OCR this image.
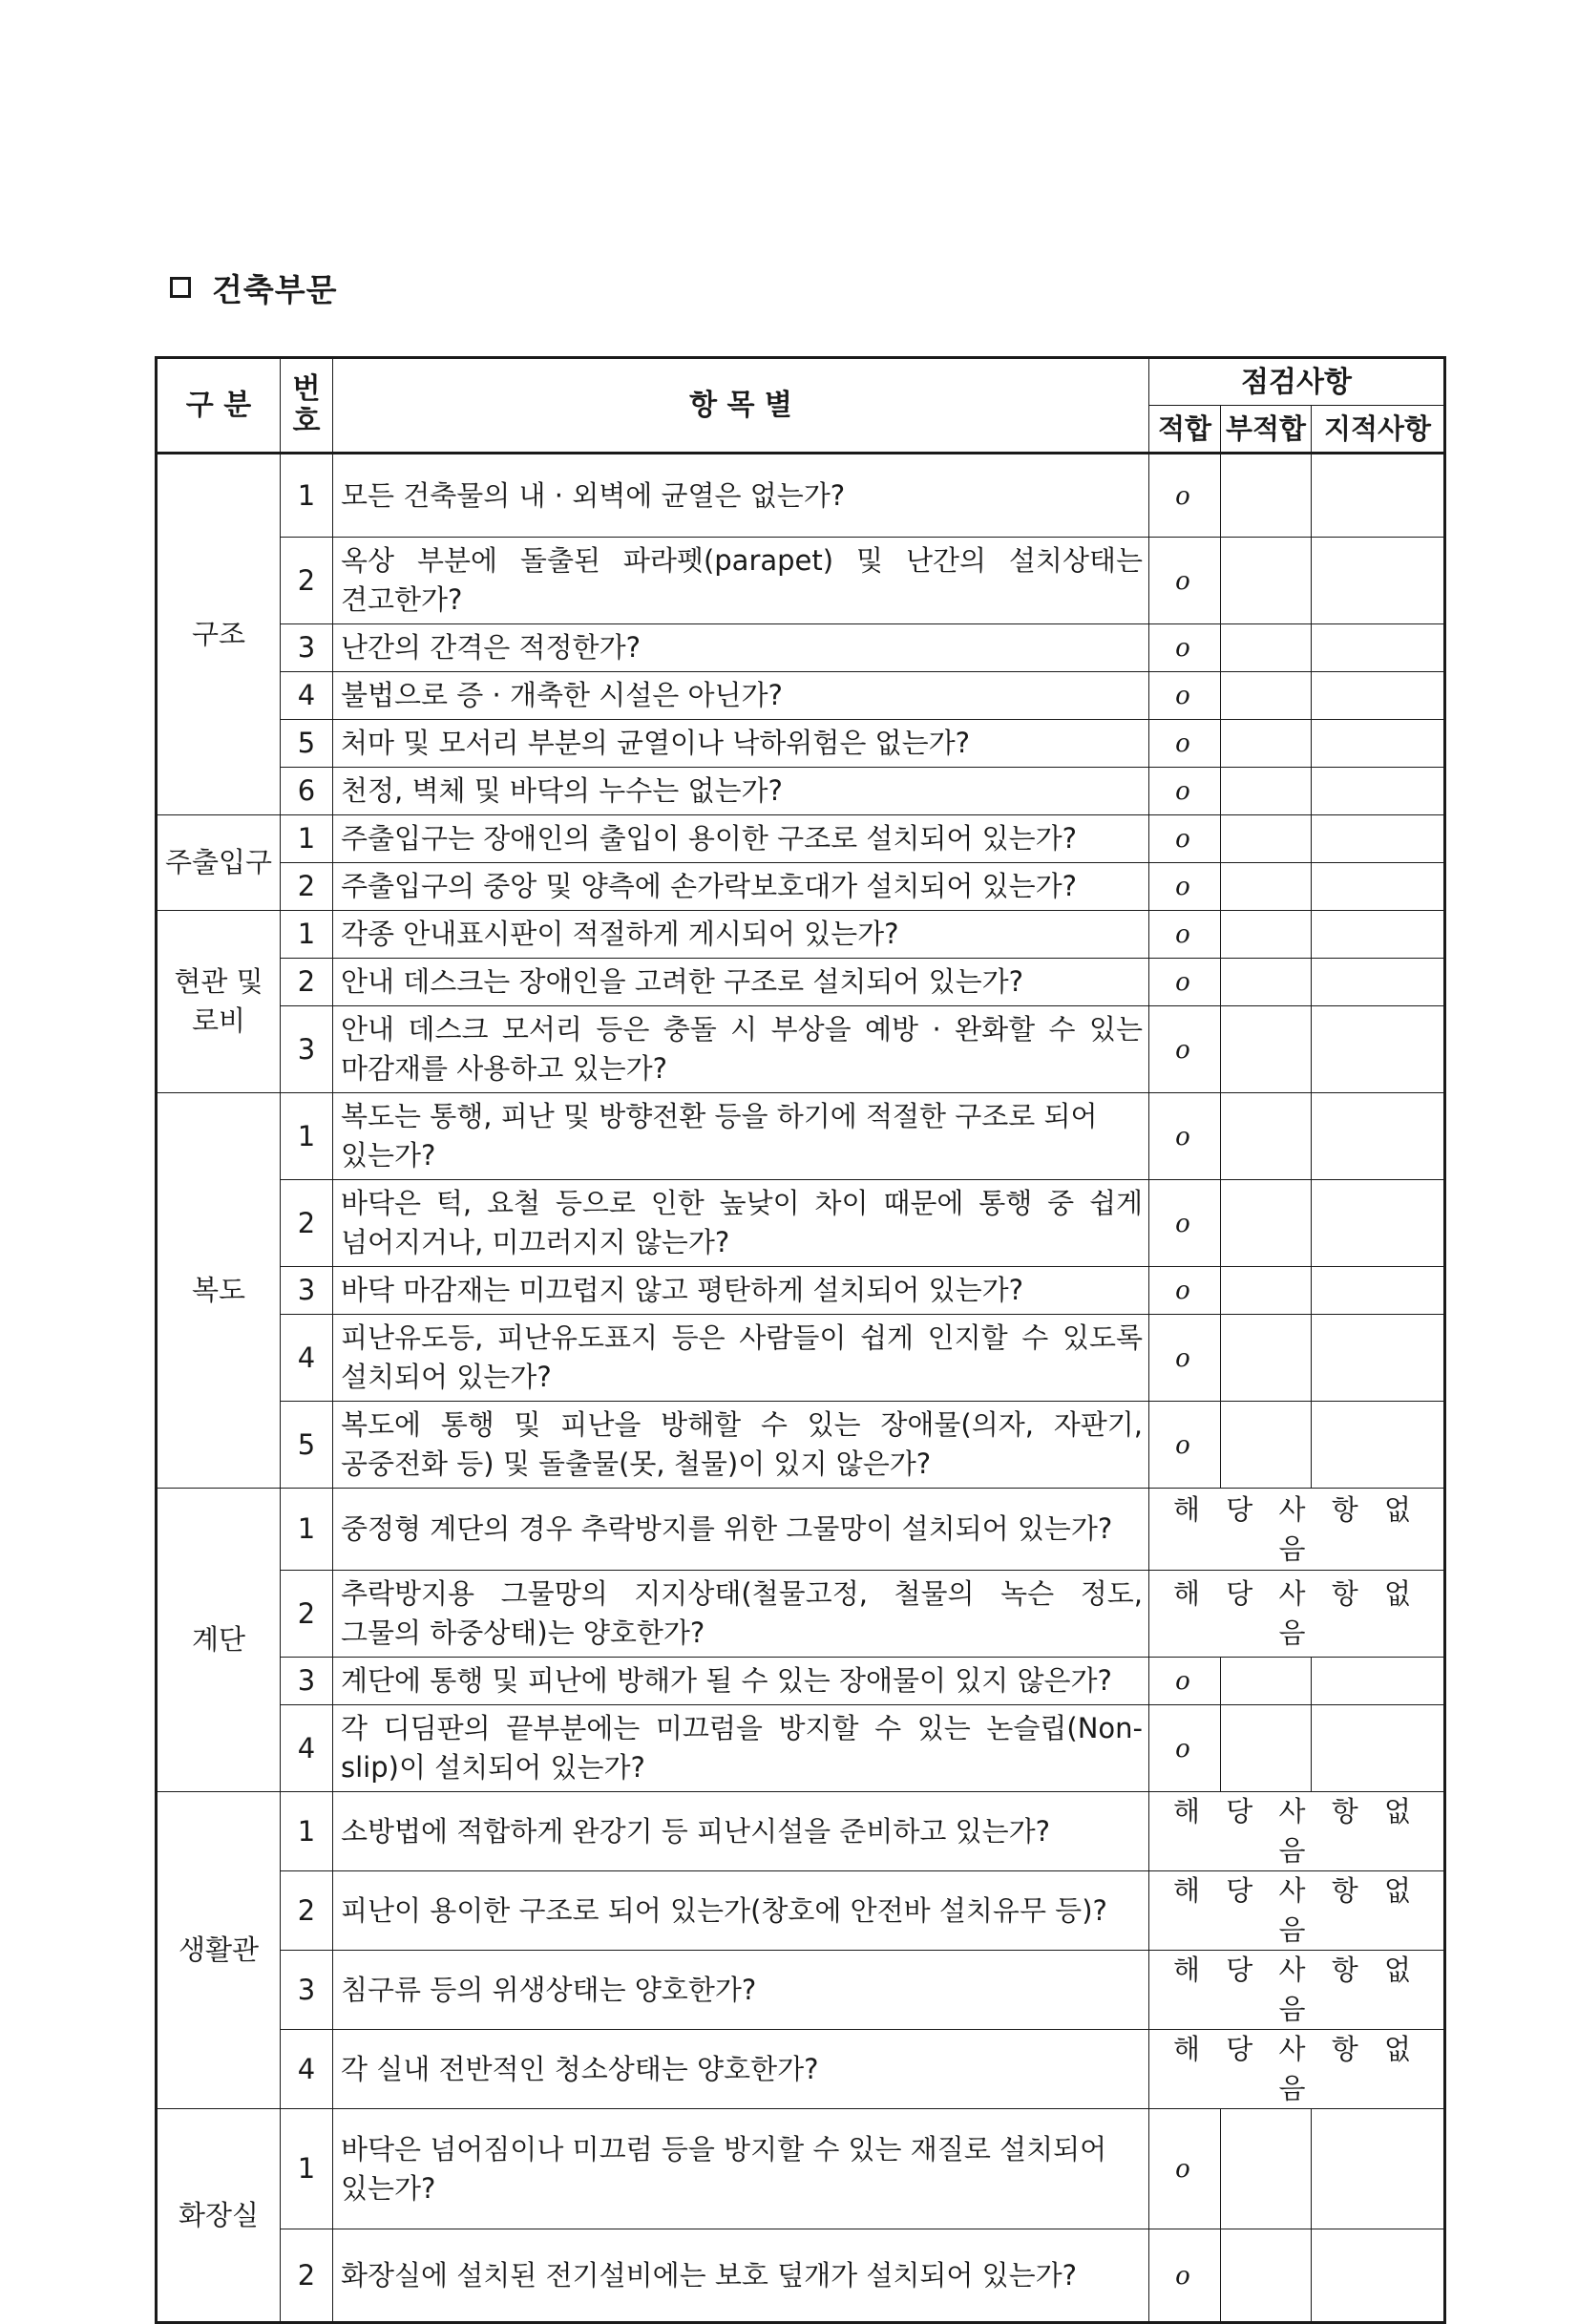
건축부문
구 분	번호	항 목 별	점검사항		
			적합	부적합	지적사항
구조	1	모든 건축물의 내 · 외벽에 균열은 없는가?	o		
	2	옥상 부분에 돌출된 파라펫(parapet) 및 난간의 설치상태는 견고한가?	o		
	3	난간의 간격은 적정한가?	o		
	4	불법으로 증 · 개축한 시설은 아닌가?	o		
	5	처마 및 모서리 부분의 균열이나 낙하위험은 없는가?	o		
	6	천정, 벽체 및 바닥의 누수는 없는가?	o		
주출입구	1	주출입구는 장애인의 출입이 용이한 구조로 설치되어 있는가?	o		
	2	주출입구의 중앙 및 양측에 손가락보호대가 설치되어 있는가?	o		
현관 및 로비	1	각종 안내표시판이 적절하게 게시되어 있는가?	o		
	2	안내 데스크는 장애인을 고려한 구조로 설치되어 있는가?	o		
	3	안내 데스크 모서리 등은 충돌 시 부상을 예방 · 완화할 수 있는 마감재를 사용하고 있는가?	o		
복도	1	복도는 통행, 피난 및 방향전환 등을 하기에 적절한 구조로 되어 있는가?	o		
	2	바닥은 턱, 요철 등으로 인한 높낮이 차이 때문에 통행 중 쉽게 넘어지거나, 미끄러지지 않는가?	o		
	3	바닥 마감재는 미끄럽지 않고 평탄하게 설치되어 있는가?	o		
	4	피난유도등, 피난유도표지 등은 사람들이 쉽게 인지할 수 있도록 설치되어 있는가?	o		
	5	복도에 통행 및 피난을 방해할 수 있는 장애물(의자, 자판기, 공중전화 등) 및 돌출물(못, 철물)이 있지 않은가?	o		
계단	1	중정형 계단의 경우 추락방지를 위한 그물망이 설치되어 있는가?	해 당 사 항 없 음		
	2	추락방지용 그물망의 지지상태(철물고정, 철물의 녹슨 정도, 그물의 하중상태)는 양호한가?	해 당 사 항 없 음		
	3	계단에 통행 및 피난에 방해가 될 수 있는 장애물이 있지 않은가?	o		
	4	각 디딤판의 끝부분에는 미끄럼을 방지할 수 있는 논슬립(Non-slip)이 설치되어 있는가?	o		
생활관	1	소방법에 적합하게 완강기 등 피난시설을 준비하고 있는가?	해 당 사 항 없 음		
	2	피난이 용이한 구조로 되어 있는가(창호에 안전바 설치유무 등)?	해 당 사 항 없 음		
	3	침구류 등의 위생상태는 양호한가?	해 당 사 항 없 음		
	4	각 실내 전반적인 청소상태는 양호한가?	해 당 사 항 없 음		
화장실	1	바닥은 넘어짐이나 미끄럼 등을 방지할 수 있는 재질로 설치되어 있는가?	o		
	2	화장실에 설치된 전기설비에는 보호 덮개가 설치되어 있는가?	o		
